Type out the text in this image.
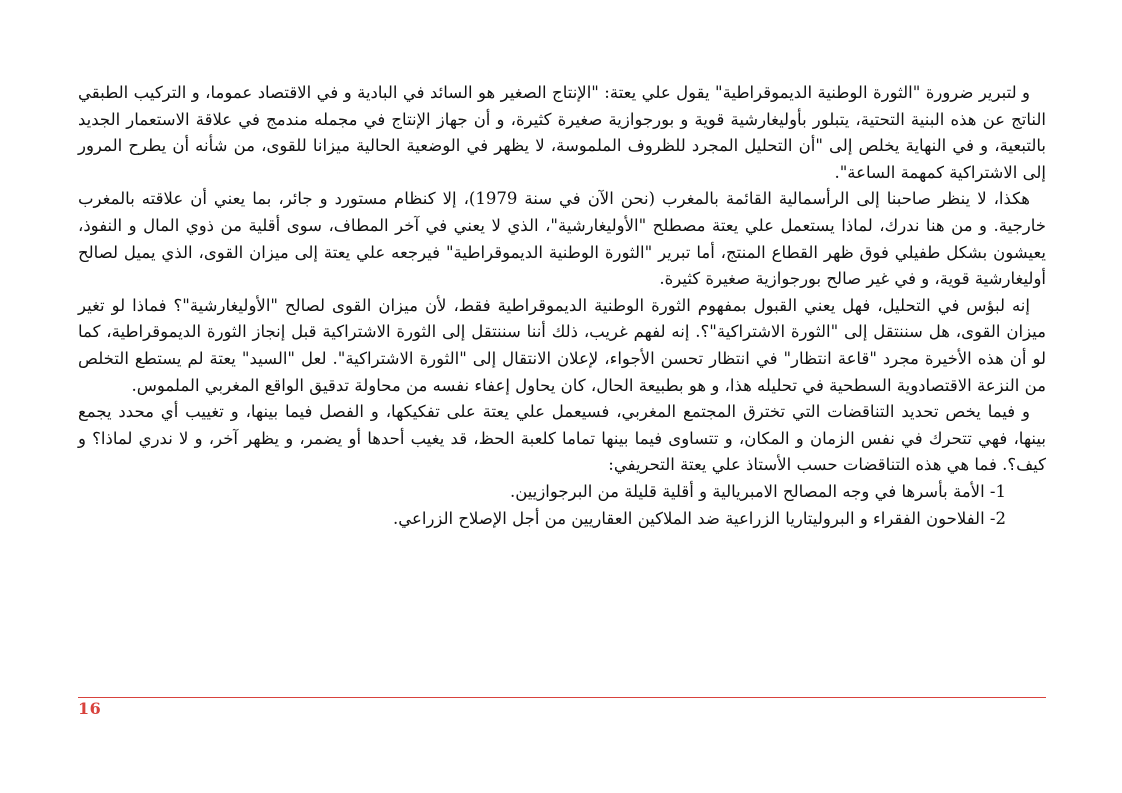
و لتبرير ضرورة "الثورة الوطنية الديموقراطية" يقول علي يعتة: "الإنتاج الصغير هو السائد في البادية و في الاقتصاد عموما، و التركيب الطبقي الناتج عن هذه البنية التحتية، يتبلور بأوليغارشية قوية و بورجوازية صغيرة كثيرة، و أن جهاز الإنتاج في مجمله مندمج في علاقة الاستعمار الجديد بالتبعية، و في النهاية يخلص إلى "أن التحليل المجرد للظروف الملموسة، لا يظهر في الوضعية الحالية ميزانا للقوى، من شأنه أن يطرح المرور إلى الاشتراكية كمهمة الساعة".

هكذا، لا ينظر صاحبنا إلى الرأسمالية القائمة بالمغرب (نحن الآن في سنة 1979)، إلا كنظام مستورد و جائر، بما يعني أن علاقته بالمغرب خارجية. و من هنا ندرك، لماذا يستعمل علي يعتة مصطلح "الأوليغارشية"، الذي لا يعني في آخر المطاف، سوى أقلية من ذوي المال و النفوذ، يعيشون بشكل طفيلي فوق ظهر القطاع المنتج، أما تبرير "الثورة الوطنية الديموقراطية" فيرجعه علي يعتة إلى ميزان القوى، الذي يميل لصالح أوليغارشية قوية، و في غير صالح بورجوازية صغيرة كثيرة.

إنه لبؤس في التحليل، فهل يعني القبول بمفهوم الثورة الوطنية الديموقراطية فقط، لأن ميزان القوى لصالح "الأوليغارشية"؟ فماذا لو تغير ميزان القوى، هل سننتقل إلى "الثورة الاشتراكية"؟. إنه لفهم غريب، ذلك أننا سننتقل إلى الثورة الاشتراكية قبل إنجاز الثورة الديموقراطية، كما لو أن هذه الأخيرة مجرد "قاعة انتظار" في انتظار تحسن الأجواء، لإعلان الانتقال إلى "الثورة الاشتراكية". لعل "السيد" يعتة لم يستطع التخلص من النزعة الاقتصادوية السطحية في تحليله هذا، و هو بطبيعة الحال، كان يحاول إعفاء نفسه من محاولة تدقيق الواقع المغربي الملموس.

و فيما يخص تحديد التناقضات التي تخترق المجتمع المغربي، فسيعمل علي يعتة على تفكيكها، و الفصل فيما بينها، و تغييب أي محدد يجمع بينها، فهي تتحرك في نفس الزمان و المكان، و تتساوى فيما بينها تماما كلعبة الحظ، قد يغيب أحدها أو يضمر، و يظهر آخر، و لا ندري لماذا؟ و كيف؟. فما هي هذه التناقضات حسب الأستاذ علي يعتة التحريفي:

1- الأمة بأسرها في وجه المصالح الامبريالية و أقلية قليلة من البرجوازيين.

2- الفلاحون الفقراء و البروليتاريا الزراعية ضد الملاكين العقاريين من أجل الإصلاح الزراعي.

16
